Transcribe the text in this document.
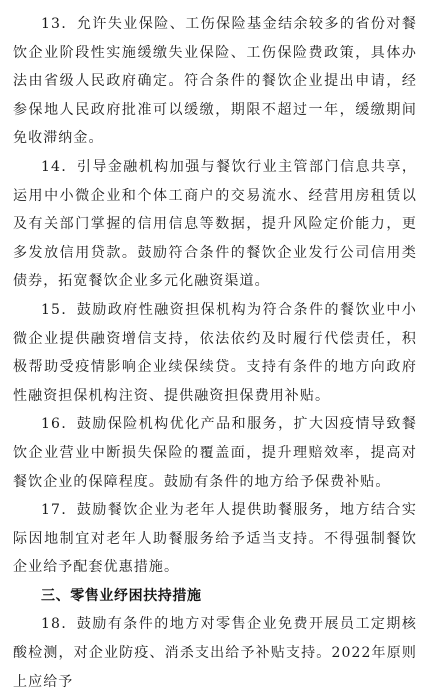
13．允许失业保险、工伤保险基金结余较多的省份对餐饮企业阶段性实施缓缴失业保险、工伤保险费政策，具体办法由省级人民政府确定。符合条件的餐饮企业提出申请，经参保地人民政府批准可以缓缴，期限不超过一年，缓缴期间免收滞纳金。

14．引导金融机构加强与餐饮行业主管部门信息共享，运用中小微企业和个体工商户的交易流水、经营用房租赁以及有关部门掌握的信用信息等数据，提升风险定价能力，更多发放信用贷款。鼓励符合条件的餐饮企业发行公司信用类债券，拓宽餐饮企业多元化融资渠道。

15．鼓励政府性融资担保机构为符合条件的餐饮业中小微企业提供融资增信支持，依法依约及时履行代偿责任，积极帮助受疫情影响企业续保续贷。支持有条件的地方向政府性融资担保机构注资、提供融资担保费用补贴。

16．鼓励保险机构优化产品和服务，扩大因疫情导致餐饮企业营业中断损失保险的覆盖面，提升理赔效率，提高对餐饮企业的保障程度。鼓励有条件的地方给予保费补贴。

17．鼓励餐饮企业为老年人提供助餐服务，地方结合实际因地制宜对老年人助餐服务给予适当支持。不得强制餐饮企业给予配套优惠措施。

三、零售业纾困扶持措施

18．鼓励有条件的地方对零售企业免费开展员工定期核酸检测，对企业防疫、消杀支出给予补贴支持。2022年原则上应给予
